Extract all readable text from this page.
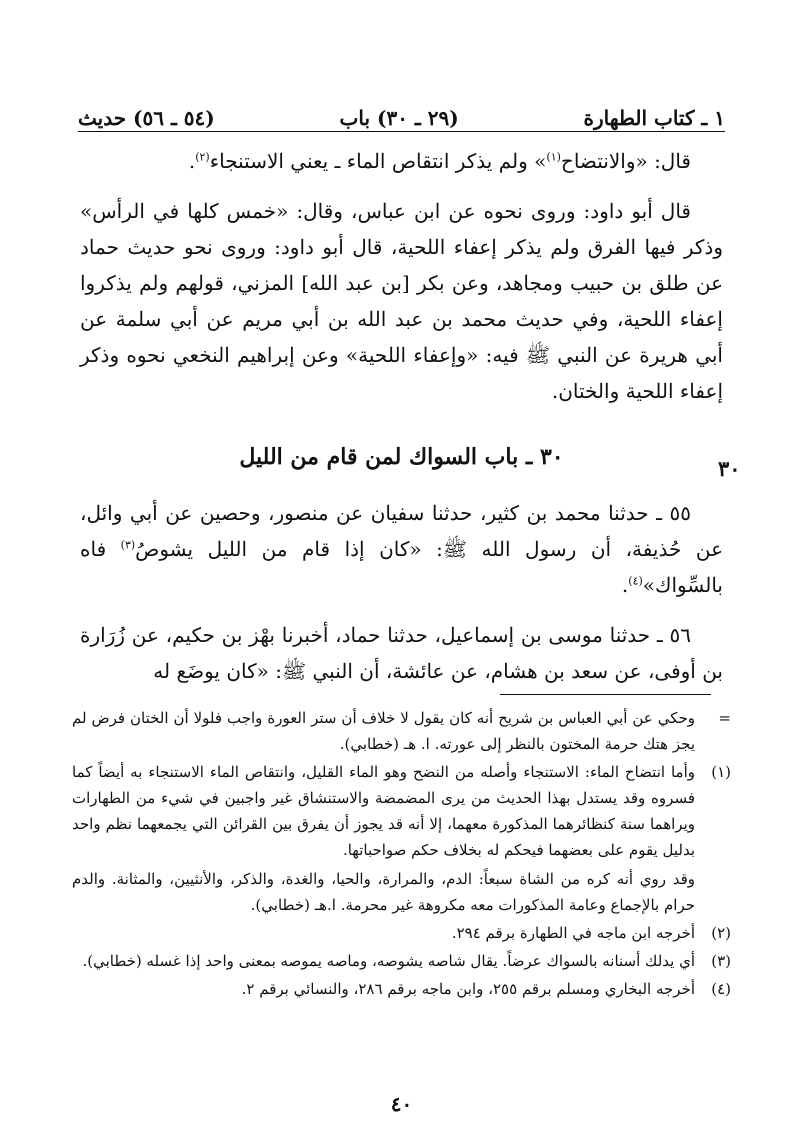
١ ـ كتاب الطهارة
(٢٩ ـ ٣٠) باب
(٥٤ ـ ٥٦) حديث

قال: «والانتضاح$^{(١)}$» ولم يذكر انتقاص الماء ـ يعني الاستنجاء$^{(٢)}$.

قال أبو داود: وروى نحوه عن ابن عباس، وقال: «خمس كلها في الرأس» وذكر فيها الفرق ولم يذكر إعفاء اللحية، قال أبو داود: وروى نحو حديث حماد عن طلق بن حبيب ومجاهد، وعن بكر [بن عبد الله] المزني، قولهم ولم يذكروا إعفاء اللحية، وفي حديث محمد بن عبد الله بن أبي مريم عن أبي سلمة عن أبي هريرة عن النبي ﷺ فيه: «وإعفاء اللحية» وعن إبراهيم النخعي نحوه وذكر إعفاء اللحية والختان.

٣٠ ـ باب السواك لمن قام من الليل

٥٥ ـ حدثنا محمد بن كثير، حدثنا سفيان عن منصور، وحصين عن أبي وائل، عن حُذيفة، أن رسول الله ﷺ: «كان إذا قام من الليل يشوصُ$^{(٣)}$ فاه بالسِّواك»$^{(٤)}$.

٥٦ ـ حدثنا موسى بن إسماعيل، حدثنا حماد، أخبرنا بهْز بن حكيم، عن زُرَارة بن أوفى، عن سعد بن هشام، عن عائشة، أن النبي ﷺ: «كان يوضَع له

٣٠
=

وحكي عن أبي العباس بن شريح أنه كان يقول لا خلاف أن ستر العورة واجب فلولا أن الختان فرض لم يجز هتك حرمة المختون بالنظر إلى عورته. ا. هـ (خطابي).

(١)

وأما انتضاح الماء: الاستنجاء وأصله من النضح وهو الماء القليل، وانتقاص الماء الاستنجاء به أيضاً كما فسروه وقد يستدل بهذا الحديث من يرى المضمضة والاستنشاق غير واجبين في شيء من الطهارات ويراهما سنة كنظائرهما المذكورة معهما، إلا أنه قد يجوز أن يفرق بين القرائن التي يجمعهما نظم واحد بدليل يقوم على بعضهما فيحكم له بخلاف حكم صواحباتها.

وقد روي أنه كره من الشاة سبعاً: الدم، والمرارة، والحيا، والغدة، والذكر، والأنثيين، والمثانة. والدم حرام بالإجماع وعامة المذكورات معه مكروهة غير محرمة. ا.هـ (خطابي).

(٢)

أخرجه ابن ماجه في الطهارة برقم ٢٩٤.

(٣)

أي يدلك أسنانه بالسواك عرضاً. يقال شاصه يشوصه، وماصه يموصه بمعنى واحد إذا غسله (خطابي).

(٤)

أخرجه البخاري ومسلم برقم ٢٥٥، وابن ماجه برقم ٢٨٦، والنسائي برقم ٢.

٤٠
